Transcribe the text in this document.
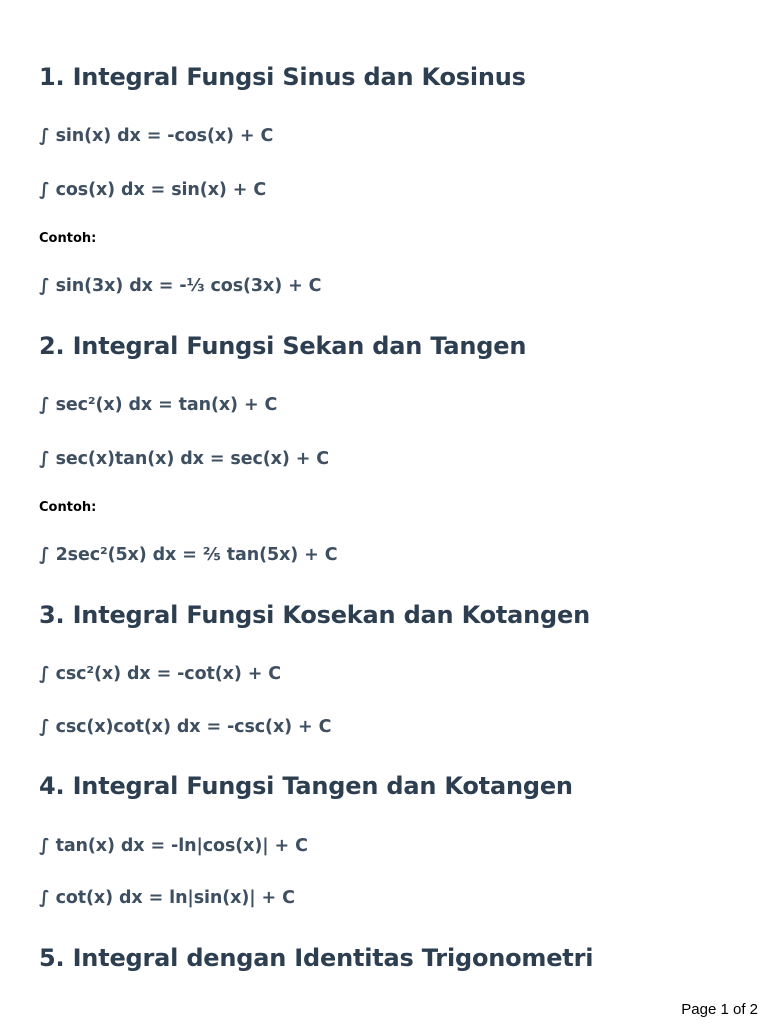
1. Integral Fungsi Sinus dan Kosinus
∫ sin(x) dx = -cos(x) + C
∫ cos(x) dx = sin(x) + C
Contoh:
∫ sin(3x) dx = -⅓ cos(3x) + C
2. Integral Fungsi Sekan dan Tangen
∫ sec²(x) dx = tan(x) + C
∫ sec(x)tan(x) dx = sec(x) + C
Contoh:
∫ 2sec²(5x) dx = ⅖ tan(5x) + C
3. Integral Fungsi Kosekan dan Kotangen
∫ csc²(x) dx = -cot(x) + C
∫ csc(x)cot(x) dx = -csc(x) + C
4. Integral Fungsi Tangen dan Kotangen
∫ tan(x) dx = -ln|cos(x)| + C
∫ cot(x) dx = ln|sin(x)| + C
5. Integral dengan Identitas Trigonometri
Page 1 of 2
